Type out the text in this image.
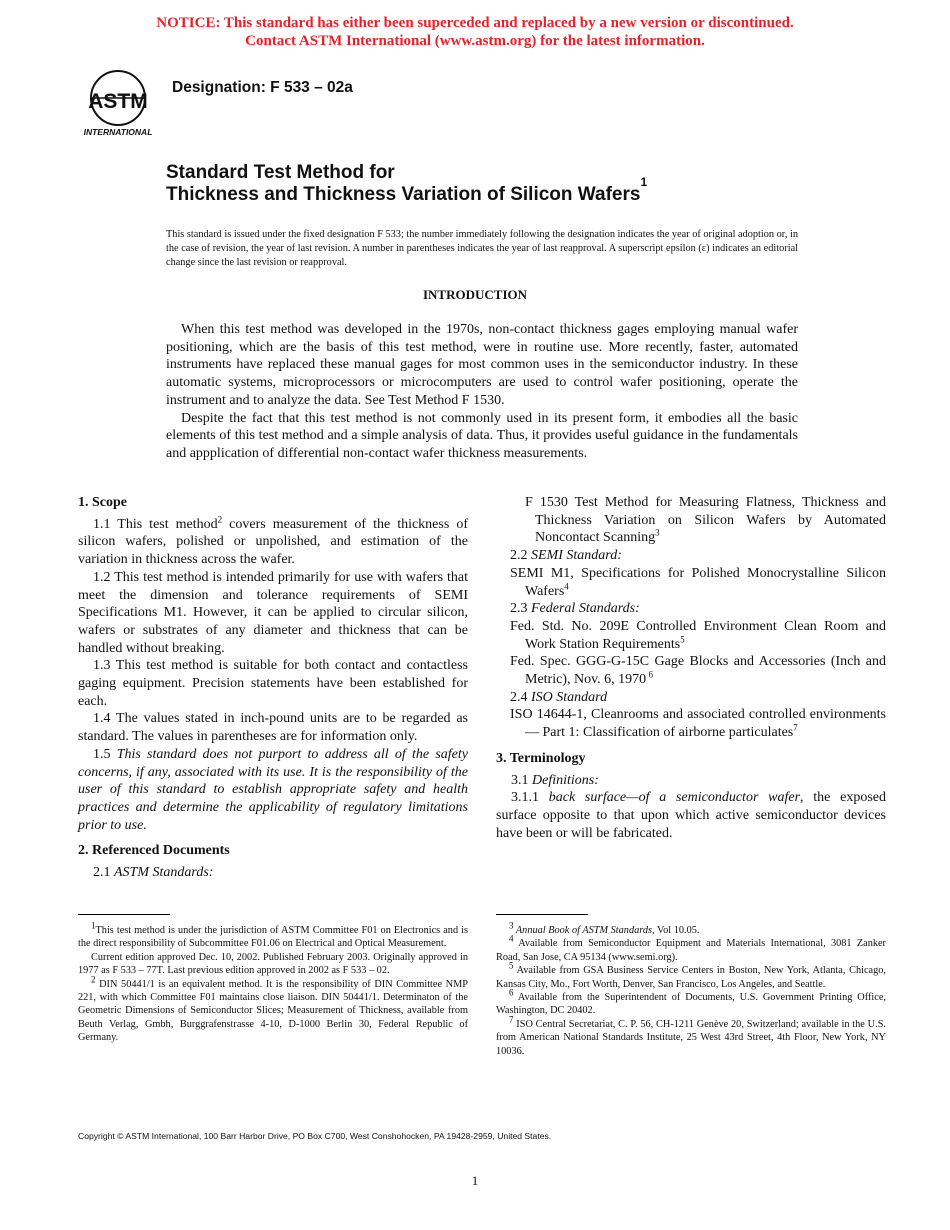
NOTICE: This standard has either been superceded and replaced by a new version or discontinued.
Contact ASTM International (www.astm.org) for the latest information.
ASTM
INTERNATIONAL
Designation: F 533 – 02a
Standard Test Method for
Thickness and Thickness Variation of Silicon Wafers$^1$
This standard is issued under the fixed designation F 533; the number immediately following the designation indicates the year of original adoption or, in the case of revision, the year of last revision. A number in parentheses indicates the year of last reapproval. A superscript epsilon (ε) indicates an editorial change since the last revision or reapproval.
INTRODUCTION

When this test method was developed in the 1970s, non-contact thickness gages employing manual wafer positioning, which are the basis of this test method, were in routine use. More recently, faster, automated instruments have replaced these manual gages for most common uses in the semiconductor industry. In these automatic systems, microprocessors or microcomputers are used to control wafer positioning, operate the instrument and to analyze the data. See Test Method F 1530.

Despite the fact that this test method is not commonly used in its present form, it embodies all the basic elements of this test method and a simple analysis of data. Thus, it provides useful guidance in the fundamentals and appplication of differential non-contact wafer thickness measurements.

1. Scope

1.1 This test method$^2$ covers measurement of the thickness of silicon wafers, polished or unpolished, and estimation of the variation in thickness across the wafer.

1.2 This test method is intended primarily for use with wafers that meet the dimension and tolerance requirements of SEMI Specifications M1. However, it can be applied to circular silicon, wafers or substrates of any diameter and thickness that can be handled without breaking.

1.3 This test method is suitable for both contact and contactless gaging equipment. Precision statements have been established for each.

1.4 The values stated in inch-pound units are to be regarded as standard. The values in parentheses are for information only.

1.5 This standard does not purport to address all of the safety concerns, if any, associated with its use. It is the responsibility of the user of this standard to establish appropriate safety and health practices and determine the applicability of regulatory limitations prior to use.

2. Referenced Documents

2.1 ASTM Standards:

F 1530 Test Method for Measuring Flatness, Thickness and Thickness Variation on Silicon Wafers by Automated Noncontact Scanning$^3$

2.2 SEMI Standard:

SEMI M1, Specifications for Polished Monocrystalline Silicon Wafers$^4$

2.3 Federal Standards:

Fed. Std. No. 209E Controlled Environment Clean Room and Work Station Requirements$^5$

Fed. Spec. GGG-G-15C Gage Blocks and Accessories (Inch and Metric), Nov. 6, 1970 $^6$

2.4 ISO Standard

ISO 14644-1, Cleanrooms and associated controlled environments — Part 1: Classification of airborne particulates$^7$

3. Terminology

3.1 Definitions:

3.1.1 back surface—of a semiconductor wafer, the exposed surface opposite to that upon which active semiconductor devices have been or will be fabricated.

$^1$This test method is under the jurisdiction of ASTM Committee F01 on Electronics and is the direct responsibility of Subcommittee F01.06 on Electrical and Optical Measurement.

Current edition approved Dec. 10, 2002. Published February 2003. Originally approved in 1977 as F 533 – 77T. Last previous edition approved in 2002 as F 533 – 02.

$^2$ DIN 50441/1 is an equivalent method. It is the responsibility of DIN Committee NMP 221, with which Committee F01 maintains close liaison. DIN 50441/1. Determinaton of the Geometric Dimensions of Semiconductor Slices; Measurement of Thickness, available from Beuth Verlag, Gmbh, Burggrafenstrasse 4-10, D-1000 Berlin 30, Federal Republic of Germany.

$^3$ Annual Book of ASTM Standards, Vol 10.05.

$^4$ Available from Semiconductor Equipment and Materials International, 3081 Zanker Road, San Jose, CA 95134 (www.semi.org).

$^5$ Available from GSA Business Service Centers in Boston, New York, Atlanta, Chicago, Kansas City, Mo., Fort Worth, Denver, San Francisco, Los Angeles, and Seattle.

$^6$ Available from the Superintendent of Documents, U.S. Government Printing Office, Washington, DC 20402.

$^7$ ISO Central Secretariat, C. P. 56, CH-1211 Genève 20, Switzerland; available in the U.S. from American National Standards Institute, 25 West 43rd Street, 4th Floor, New York, NY 10036.

Copyright © ASTM International, 100 Barr Harbor Drive, PO Box C700, West Conshohocken, PA 19428-2959, United States.
1
